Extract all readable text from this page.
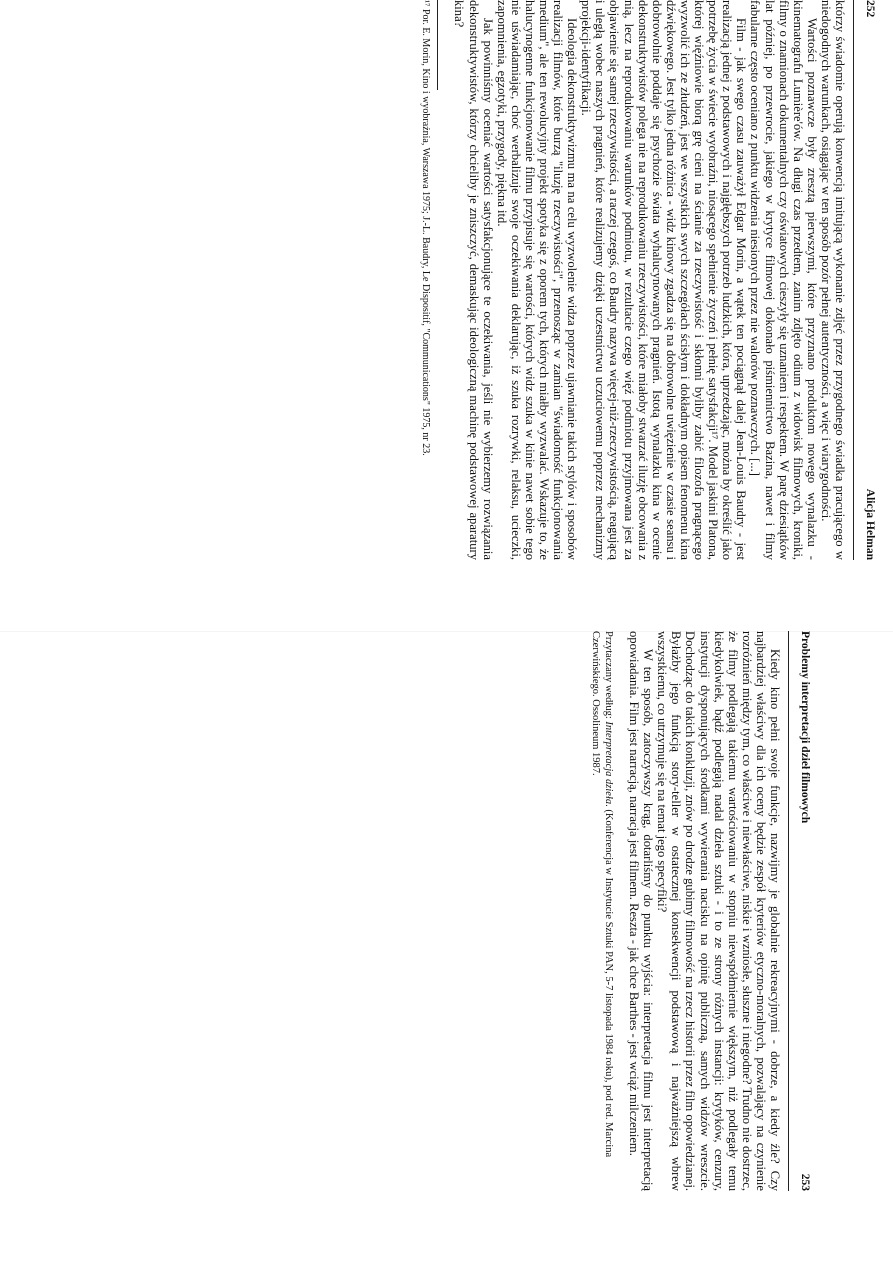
252
Alicja Helman

którzy świadomie operują konwencją imitującą wykonanie zdjęć przez przygodnego świadka pracującego w niedogodnych warunkach, osiągając w ten sposób pozór pełnej autentyczności, a więc i wiarygodności.

Wartości poznawcze były zresztą pierwszymi, które przyznano produktom nowego wynalazku - kinematografu Lumière'ów. Na długi czas przedtem, zanim zdjęto odium z widowisk filmowych, kroniki, filmy o znamionach dokumentalnych czy oświatowych cieszyły się uznaniem i respektem. W parę dziesiątków lat później, po przewrocie, jakiego w krytyce filmowej dokonało piśmiennictwo Bazina, nawet i filmy fabularne często oceniano z punktu widzenia niesionych przez nie walorów poznawczych. [...]

Film - jak swego czasu zauważył Edgar Morin, a wątek ten pociągnął dalej Jean-Louis Baudry - jest realizacją jednej z podstawowych i najgłębszych potrzeb ludzkich, która, uprzedzając, można by określić jako potrzebę życia w świecie wyobraźni, niosącego spełnienie życzeń i pełnię satysfakcji¹⁷. Model jaskini Platona, której więźniowie biorą grę cieni na ścianie za rzeczywistość i skłonni byliby zabić filozofa pragnącego wyzwolić ich ze złudzeń, jest we wszystkich swych szczegółach ścisłym i dokładnym opisem fenomenu kina dźwiękowego. Jest tylko jedna różnica - widz kinowy zgadza się na dobrowolne uwięzienie w czasie seansu i dobrowolnie poddaje się psychozie świata wyhalucynowanych pragnień. Istotą wynalazku kina w ocenie dekonstruktywistów polega nie na reprodukowaniu rzeczywistości, które miałoby stwarzać iluzję obcowania z nią, lecz na reprodukowaniu warunków podmiotu, w rezultacie czego więź podmiotu przyjmowana jest za objawienie się samej rzeczywistości, a raczej czegoś, co Baudry nazywa więcej-niż-rzeczywistością, reagującą i uległą wobec naszych pragnień, które realizujemy dzięki uczestnictwu uczuciowemu poprzez mechanizmy projekcji-identyfikacji.

Ideologia dekonstruktywizmu ma na celu wyzwolenie widza poprzez ujawnianie takich stylów i sposobów realizacji filmów, które burzą "iluzję rzeczywistości", przenosząc w zamian "świadomość funkcjonowania medium", ale ten rewolucyjny projekt spotyka się z oporem tych, których miałby wyzwalać. Wskazuje to, że halucynogenne funkcjonowanie filmu przypisuje się wartości, których widz szuka w kinie nawet sobie tego nie uświadamiając, choć werbalizuje swoje oczekiwania deklarując, iż szuka rozrywki, relaksu, ucieczki, zapomnienia, egzotyki, przygody, piękna itd.

Jak powinniśmy oceniać wartości satysfakcjonujące te oczekiwania, jeśli nie wybierzemy rozwiązania dekonstruktywistów, którzy chcieliby je zniszczyć, demaskując ideologiczną machinę podstawowej aparatury kina?

¹⁷ Por. E. Morin, Kino i wyobraźnia, Warszawa 1975; J.-L. Baudry, Le Dispositif, "Communications" 1975, nr 23.
Problemy interpretacji dzieł filmowych
253

Kiedy kino pełni swoje funkcje, nazwijmy je globalnie rekreacyjnymi - dobrze, a kiedy źle? Czy najbardziej właściwy dla ich oceny będzie zespół kryteriów etyczno-moralnych, pozwalający na czynienie rozróżnień między tym, co właściwe i niewłaściwe, niskie i wzniosłe, słuszne i niegodne? Trudno nie dostrzec, że filmy podlegają takiemu wartościowaniu w stopniu niewspółmiernie większym, niż podlegały temu kiedykolwiek, bądź podlegają nadal dzieła sztuki - i to ze strony różnych instancji: krytyków, cenzury, instytucji dysponujących środkami wywierania nacisku na opinię publiczną, samych widzów wreszcie. Dochodząc do takich konkluzji, znów po drodze gubimy filmowość na rzecz historii przez film opowiedzianej. Byłażby jego funkcją story-teller w ostatecznej konsekwencji podstawową i najważniejszą wbrew wszystkiemu, co utrzymuje się na temat jego specyfiki?

W ten sposób, zatoczywszy krąg, dotarliśmy do punktu wyjścia: interpretacja filmu jest interpretacją opowiadania. Film jest narracją, narracja jest filmem. Reszta - jak chce Barthes - jest wciąż milczeniem.

Przytaczany według: Interpretacja dzieła. (Konferencja w Instytucie Sztuki PAN, 5-7 listopada 1984 roku), pod red. Marcina Czerwińskiego. Ossolineum 1987.
